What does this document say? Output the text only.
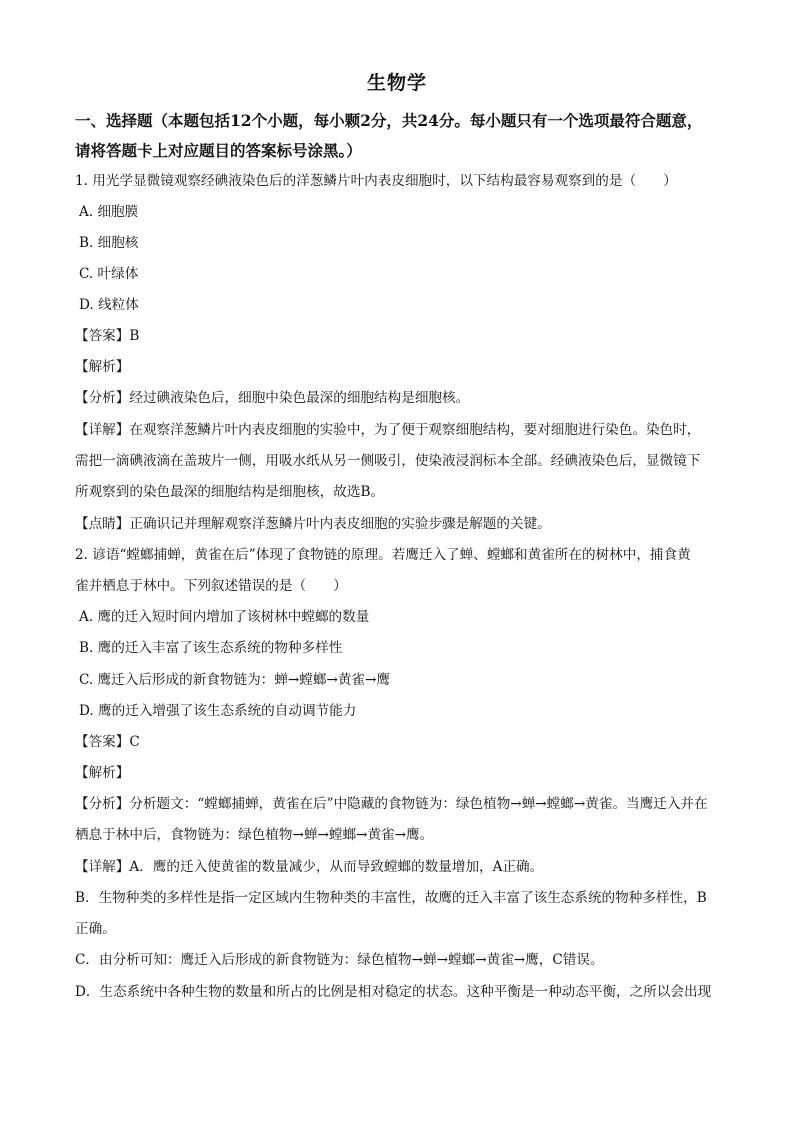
生物学
一、选择题（本题包括12个小题，每小颗2分，共24分。每小题只有一个选项最符合题意，
请将答题卡上对应题目的答案标号涂黑。）
1. 用光学显微镜观察经碘液染色后的洋葱鳞片叶内表皮细胞时，以下结构最容易观察到的是（　　）
A. 细胞膜
B. 细胞核
C. 叶绿体
D. 线粒体
【答案】B
【解析】
【分析】经过碘液染色后，细胞中染色最深的细胞结构是细胞核。
【详解】在观察洋葱鳞片叶内表皮细胞的实验中，为了便于观察细胞结构，要对细胞进行染色。染色时，
需把一滴碘液滴在盖玻片一侧，用吸水纸从另一侧吸引，使染液浸润标本全部。经碘液染色后，显微镜下
所观察到的染色最深的细胞结构是细胞核，故选B。
【点睛】正确识记并理解观察洋葱鳞片叶内表皮细胞的实验步骤是解题的关键。
2. 谚语“螳螂捕蝉，黄雀在后”体现了食物链的原理。若鹰迁入了蝉、螳螂和黄雀所在的树林中，捕食黄
雀并栖息于林中。下列叙述错误的是（　　）
A. 鹰的迁入短时间内增加了该树林中螳螂的数量
B. 鹰的迁入丰富了该生态系统的物种多样性
C. 鹰迁入后形成的新食物链为：蝉→螳螂→黄雀→鹰
D. 鹰的迁入增强了该生态系统的自动调节能力
【答案】C
【解析】
【分析】分析题文：“螳螂捕蝉，黄雀在后”中隐藏的食物链为：绿色植物→蝉→螳螂→黄雀。当鹰迁入并在
栖息于林中后，食物链为：绿色植物→蝉→螳螂→黄雀→鹰。
【详解】A．鹰的迁入使黄雀的数量减少，从而导致螳螂的数量增加，A正确。
B．生物种类的多样性是指一定区域内生物种类的丰富性，故鹰的迁入丰富了该生态系统的物种多样性，B
正确。
C．由分析可知：鹰迁入后形成的新食物链为：绿色植物→蝉→螳螂→黄雀→鹰，C错误。
D．生态系统中各种生物的数量和所占的比例是相对稳定的状态。这种平衡是一种动态平衡，之所以会出现
